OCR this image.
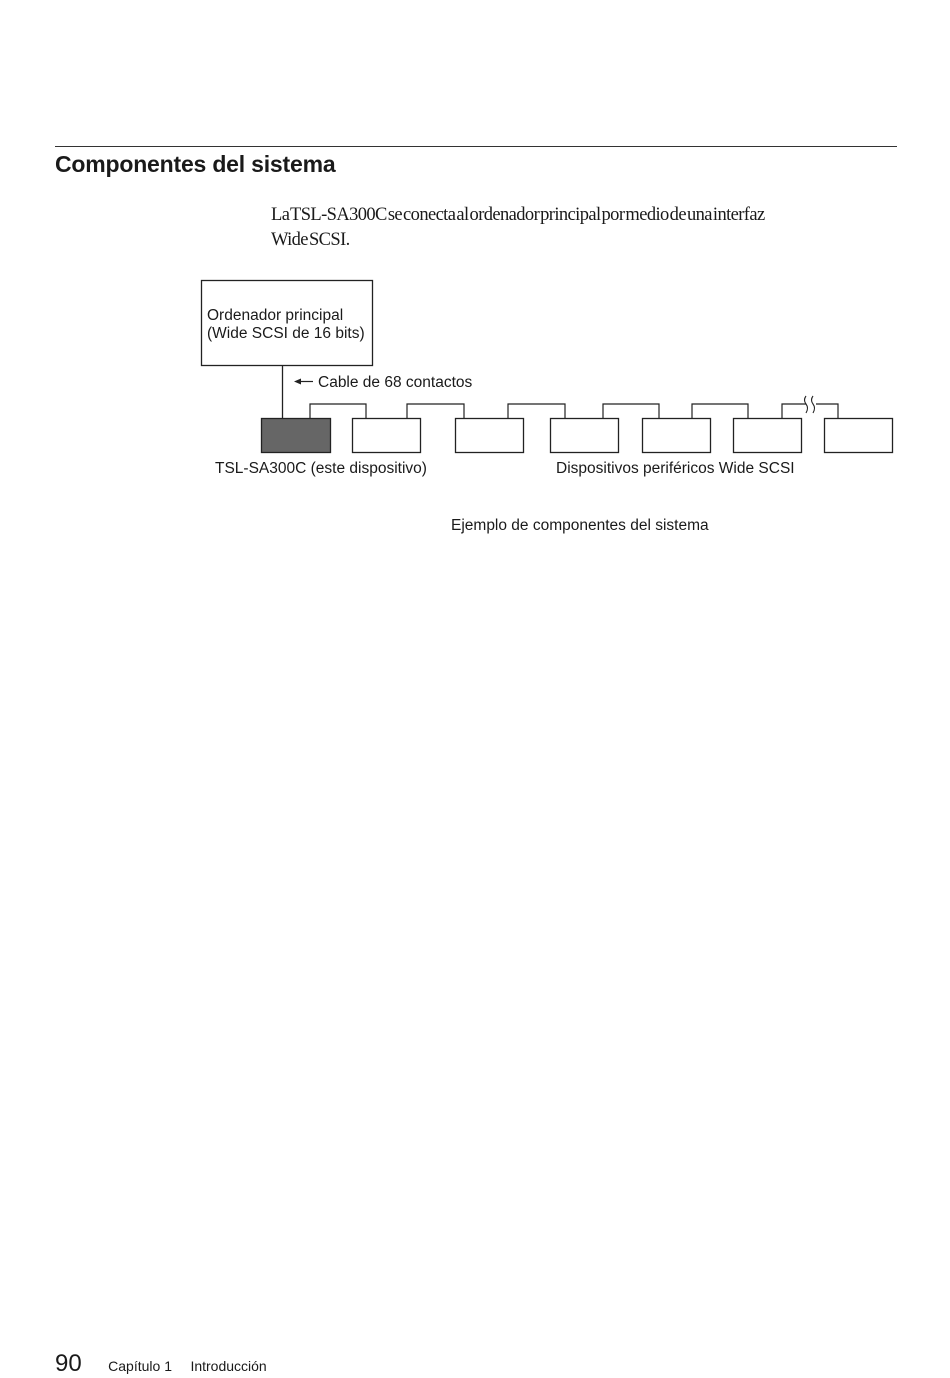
Componentes del sistema

La TSL-SA300C se conecta al ordenador principal por medio de una interfaz
Wide SCSI.

Ordenador principal
(Wide SCSI de 16 bits)
Cable de 68 contactos
TSL-SA300C (este dispositivo)	Dispositivos periféricos Wide SCSI
Ejemplo de componentes del sistema
90 Capítulo 1 Introducción
